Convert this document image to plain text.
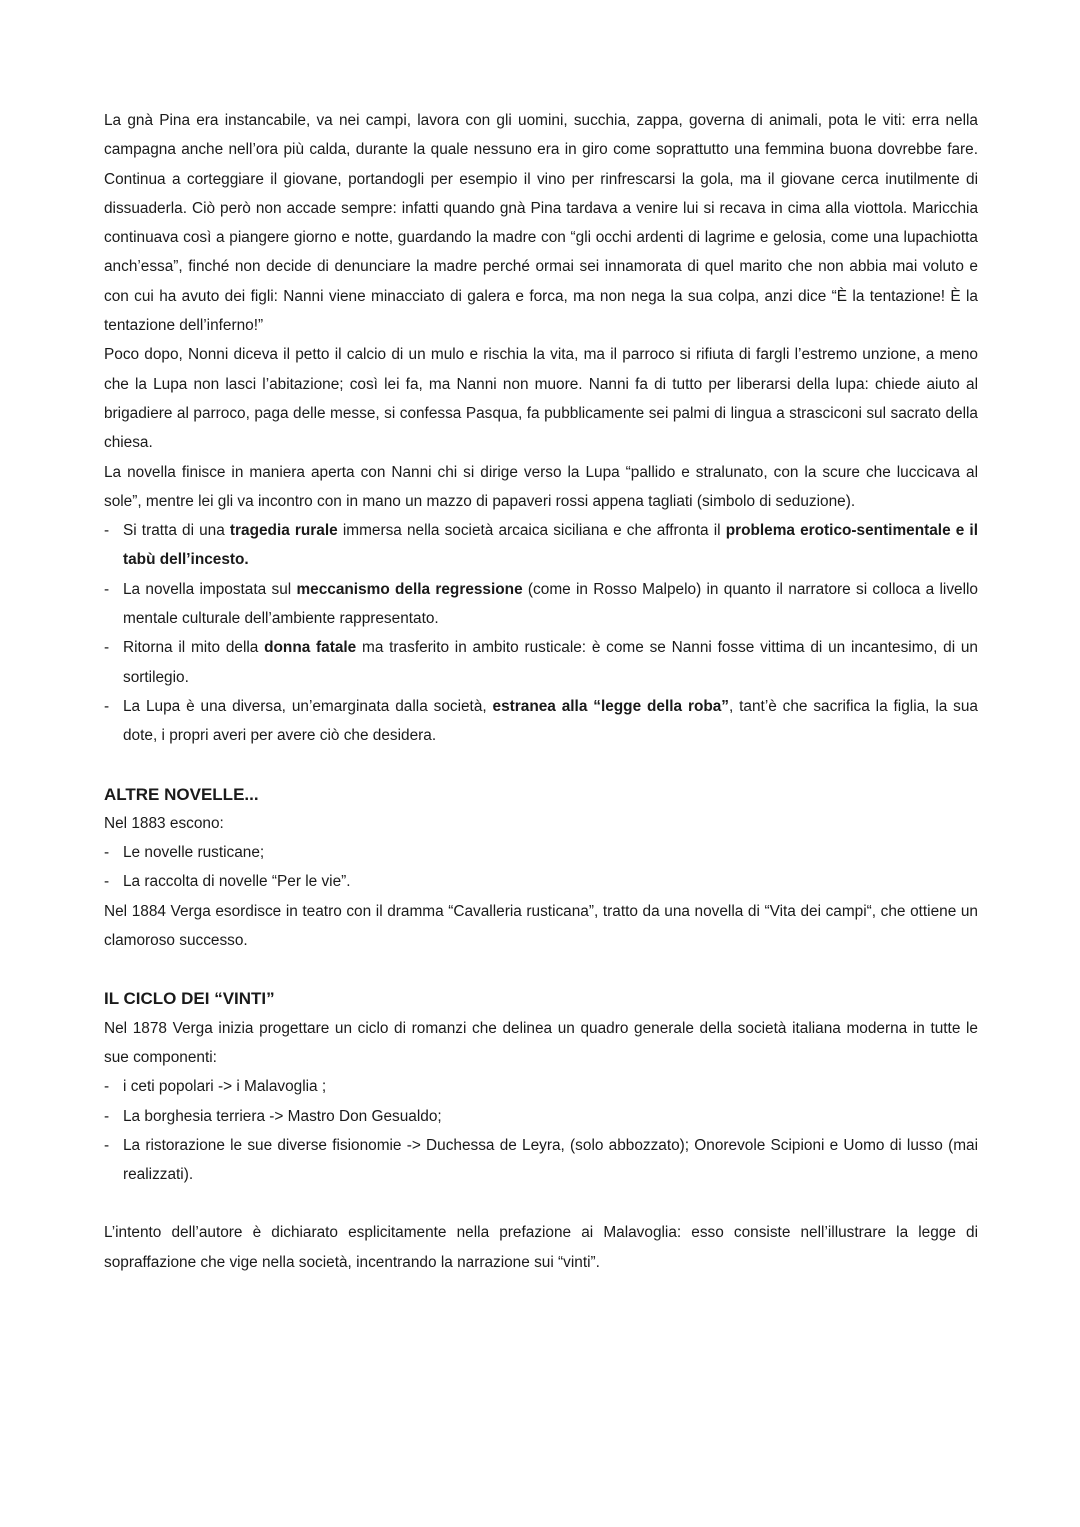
La gnà Pina era instancabile, va nei campi, lavora con gli uomini, succhia, zappa, governa di animali, pota le viti: erra nella campagna anche nell’ora più calda, durante la quale nessuno era in giro come soprattutto una femmina buona dovrebbe fare. Continua a corteggiare il giovane, portandogli per esempio il vino per rinfrescarsi la gola, ma il giovane cerca inutilmente di dissuaderla. Ciò però non accade sempre: infatti quando gnà Pina tardava a venire lui si recava in cima alla viottola. Maricchia continuava così a piangere giorno e notte, guardando la madre con “gli occhi ardenti di lagrime e gelosia, come una lupachiotta anch’essa”, finché non decide di denunciare la madre perché ormai sei innamorata di quel marito che non abbia mai voluto e con cui ha avuto dei figli: Nanni viene minacciato di galera e forca, ma non nega la sua colpa, anzi dice “È la tentazione! È la tentazione dell’inferno!”

Poco dopo, Nonni diceva il petto il calcio di un mulo e rischia la vita, ma il parroco si rifiuta di fargli l’estremo unzione, a meno che la Lupa non lasci l’abitazione; così lei fa, ma Nanni non muore. Nanni fa di tutto per liberarsi della lupa: chiede aiuto al brigadiere al parroco, paga delle messe, si confessa Pasqua, fa pubblicamente sei palmi di lingua a strasciconi sul sacrato della chiesa.

La novella finisce in maniera aperta con Nanni chi si dirige verso la Lupa “pallido e stralunato, con la scure che luccicava al sole”, mentre lei gli va incontro con in mano un mazzo di papaveri rossi appena tagliati (simbolo di seduzione).

- Si tratta di una tragedia rurale immersa nella società arcaica siciliana e che affronta il problema erotico-sentimentale e il tabù dell’incesto.
- La novella impostata sul meccanismo della regressione (come in Rosso Malpelo) in quanto il narratore si colloca a livello mentale culturale dell’ambiente rappresentato.
- Ritorna il mito della donna fatale ma trasferito in ambito rusticale: è come se Nanni fosse vittima di un incantesimo, di un sortilegio.
- La Lupa è una diversa, un’emarginata dalla società, estranea alla “legge della roba”, tant’è che sacrifica la figlia, la sua dote, i propri averi per avere ciò che desidera.

ALTRE NOVELLE...

Nel 1883 escono:

- Le novelle rusticane;
- La raccolta di novelle “Per le vie”.

Nel 1884 Verga esordisce in teatro con il dramma “Cavalleria rusticana”, tratto da una novella di “Vita dei campi“, che ottiene un clamoroso successo.

IL CICLO DEI “VINTI”

Nel 1878 Verga inizia progettare un ciclo di romanzi che delinea un quadro generale della società italiana moderna in tutte le sue componenti:

- i ceti popolari -> i Malavoglia ;
- La borghesia terriera -> Mastro Don Gesualdo;
- La ristorazione le sue diverse fisionomie -> Duchessa de Leyra, (solo abbozzato); Onorevole Scipioni e Uomo di lusso (mai realizzati).

L’intento dell’autore è dichiarato esplicitamente nella prefazione ai Malavoglia: esso consiste nell’illustrare la legge di sopraffazione che vige nella società, incentrando la narrazione sui “vinti”.
